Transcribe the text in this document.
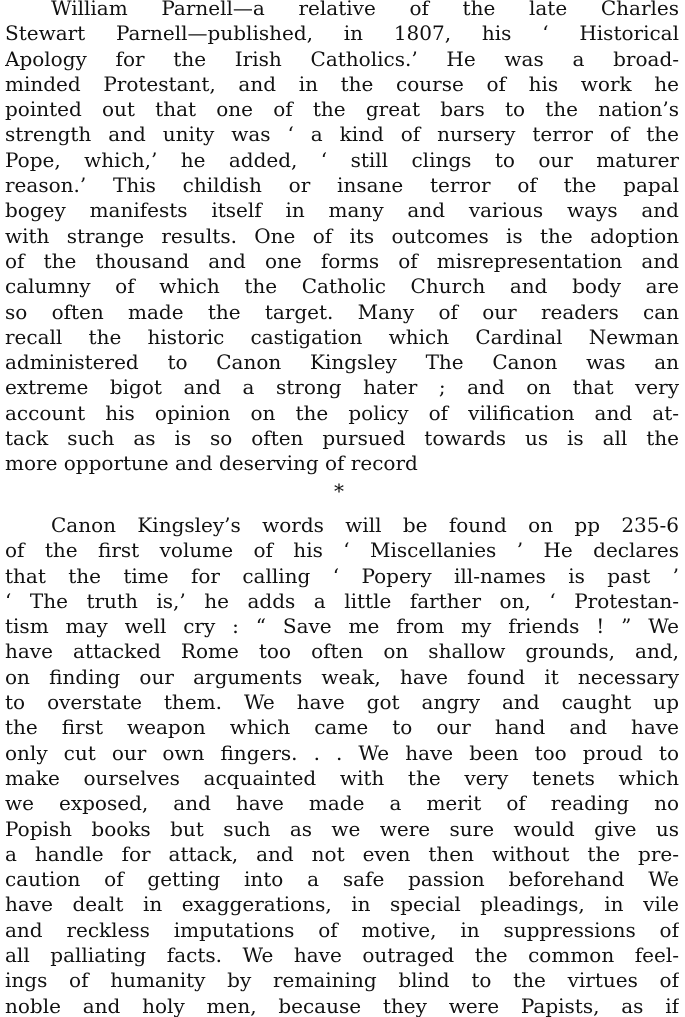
William Parnell—a relative of the late Charles
Stewart Parnell—published, in 1807, his ‘ Historical
Apology for the Irish Catholics.’ He was a broad-
minded Protestant, and in the course of his work he
pointed out that one of the great bars to the nation’s
strength and unity was ‘ a kind of nursery terror of the
Pope, which,’ he added, ‘ still clings to our maturer
reason.’ This childish or insane terror of the papal
bogey manifests itself in many and various ways and
with strange results. One of its outcomes is the adoption
of the thousand and one forms of misrepresentation and
calumny of which the Catholic Church and body are
so often made the target. Many of our readers can
recall the historic castigation which Cardinal Newman
administered to Canon Kingsley The Canon was an
extreme bigot and a strong hater ; and on that very
account his opinion on the policy of vilification and at-
tack such as is so often pursued towards us is all the
more opportune and deserving of record
*
Canon Kingsley’s words will be found on pp 235-6
of the first volume of his ‘ Miscellanies ’ He declares
that the time for calling ‘ Popery ill-names is past ’
‘ The truth is,’ he adds a little farther on, ‘ Protestan-
tism may well cry : “ Save me from my friends ! ” We
have attacked Rome too often on shallow grounds, and,
on finding our arguments weak, have found it necessary
to overstate them. We have got angry and caught up
the first weapon which came to our hand and have
only cut our own fingers. . . We have been too proud to
make ourselves acquainted with the very tenets which
we exposed, and have made a merit of reading no
Popish books but such as we were sure would give us
a handle for attack, and not even then without the pre-
caution of getting into a safe passion beforehand We
have dealt in exaggerations, in special pleadings, in vile
and reckless imputations of motive, in suppressions of
all palliating facts. We have outraged the common feel-
ings of humanity by remaining blind to the virtues of
noble and holy men, because they were Papists, as if
